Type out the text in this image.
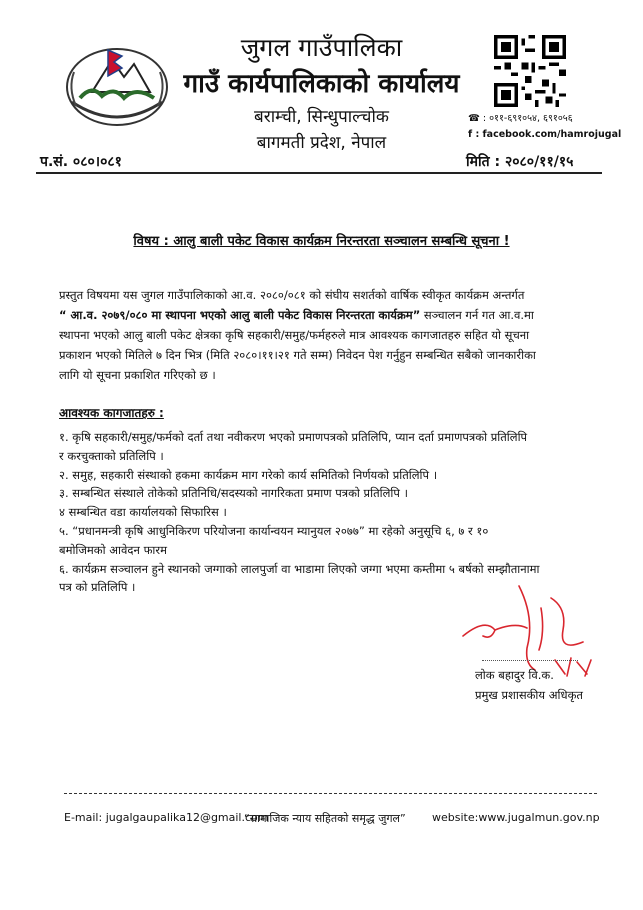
जुगल गाउँपालिका
गाउँ कार्यपालिकाको कार्यालय
बराम्ची, सिन्धुपाल्चोक
बागमती प्रदेश, नेपाल
☎ : ०११-६९१०५४, ६९१०५६
f : facebook.com/hamrojugal
प.सं. ०८०।०८१	मिति : २०८०/११/१५
विषय : आलु बाली पकेट विकास कार्यक्रम निरन्तरता सञ्चालन सम्बन्धि सूचना !

प्रस्तुत विषयमा यस जुगल गाउँपालिकाको आ.व. २०८०/०८१ को संघीय सशर्तको वार्षिक स्वीकृत कार्यक्रम अन्तर्गत

“ आ.व. २०७९/०८० मा स्थापना भएको आलु बाली पकेट विकास निरन्तरता कार्यक्रम” सञ्चालन गर्न गत आ.व.मा

स्थापना भएको आलु बाली पकेट क्षेत्रका कृषि सहकारी/समुह/फर्महरुले मात्र आवश्यक कागजातहरु सहित यो सूचना

प्रकाशन भएको मितिले ७ दिन भित्र (मिति २०८०।११।२१ गते सम्म) निवेदन पेश गर्नुहुन सम्बन्धित सबैको जानकारीका

लागि यो सूचना प्रकाशित गरिएको छ ।

आवश्यक कागजातहरु :

१. कृषि सहकारी/समुह/फर्मको दर्ता तथा नवीकरण भएको प्रमाणपत्रको प्रतिलिपि, प्यान दर्ता प्रमाणपत्रको प्रतिलिपि

र करचुक्ताको प्रतिलिपि ।

२. समुह, सहकारी संस्थाको हकमा कार्यक्रम माग गरेको कार्य समितिको निर्णयको प्रतिलिपि ।

३. सम्बन्धित संस्थाले तोकेको प्रतिनिधि/सदस्यको नागरिकता प्रमाण पत्रको प्रतिलिपि ।

४ सम्बन्धित वडा कार्यालयको सिफारिस ।

५. “प्रधानमन्त्री कृषि आधुनिकिरण परियोजना कार्यान्वयन म्यानुयल २०७७” मा रहेको अनुसूचि ६, ७ र १०

बमोजिमको आवेदन फारम

६. कार्यक्रम सञ्चालन हुने स्थानको जग्गाको लालपुर्जा वा भाडामा लिएको जग्गा भएमा कम्तीमा ५ बर्षको सम्झौतानामा

पत्र को प्रतिलिपि ।

लोक बहादुर वि.क.
प्रमुख प्रशासकीय अधिकृत
E-mail: jugalgaupalika12@gmail.com
“सामाजिक न्याय सहितको समृद्ध जुगल” website:www.jugalmun.gov.np
